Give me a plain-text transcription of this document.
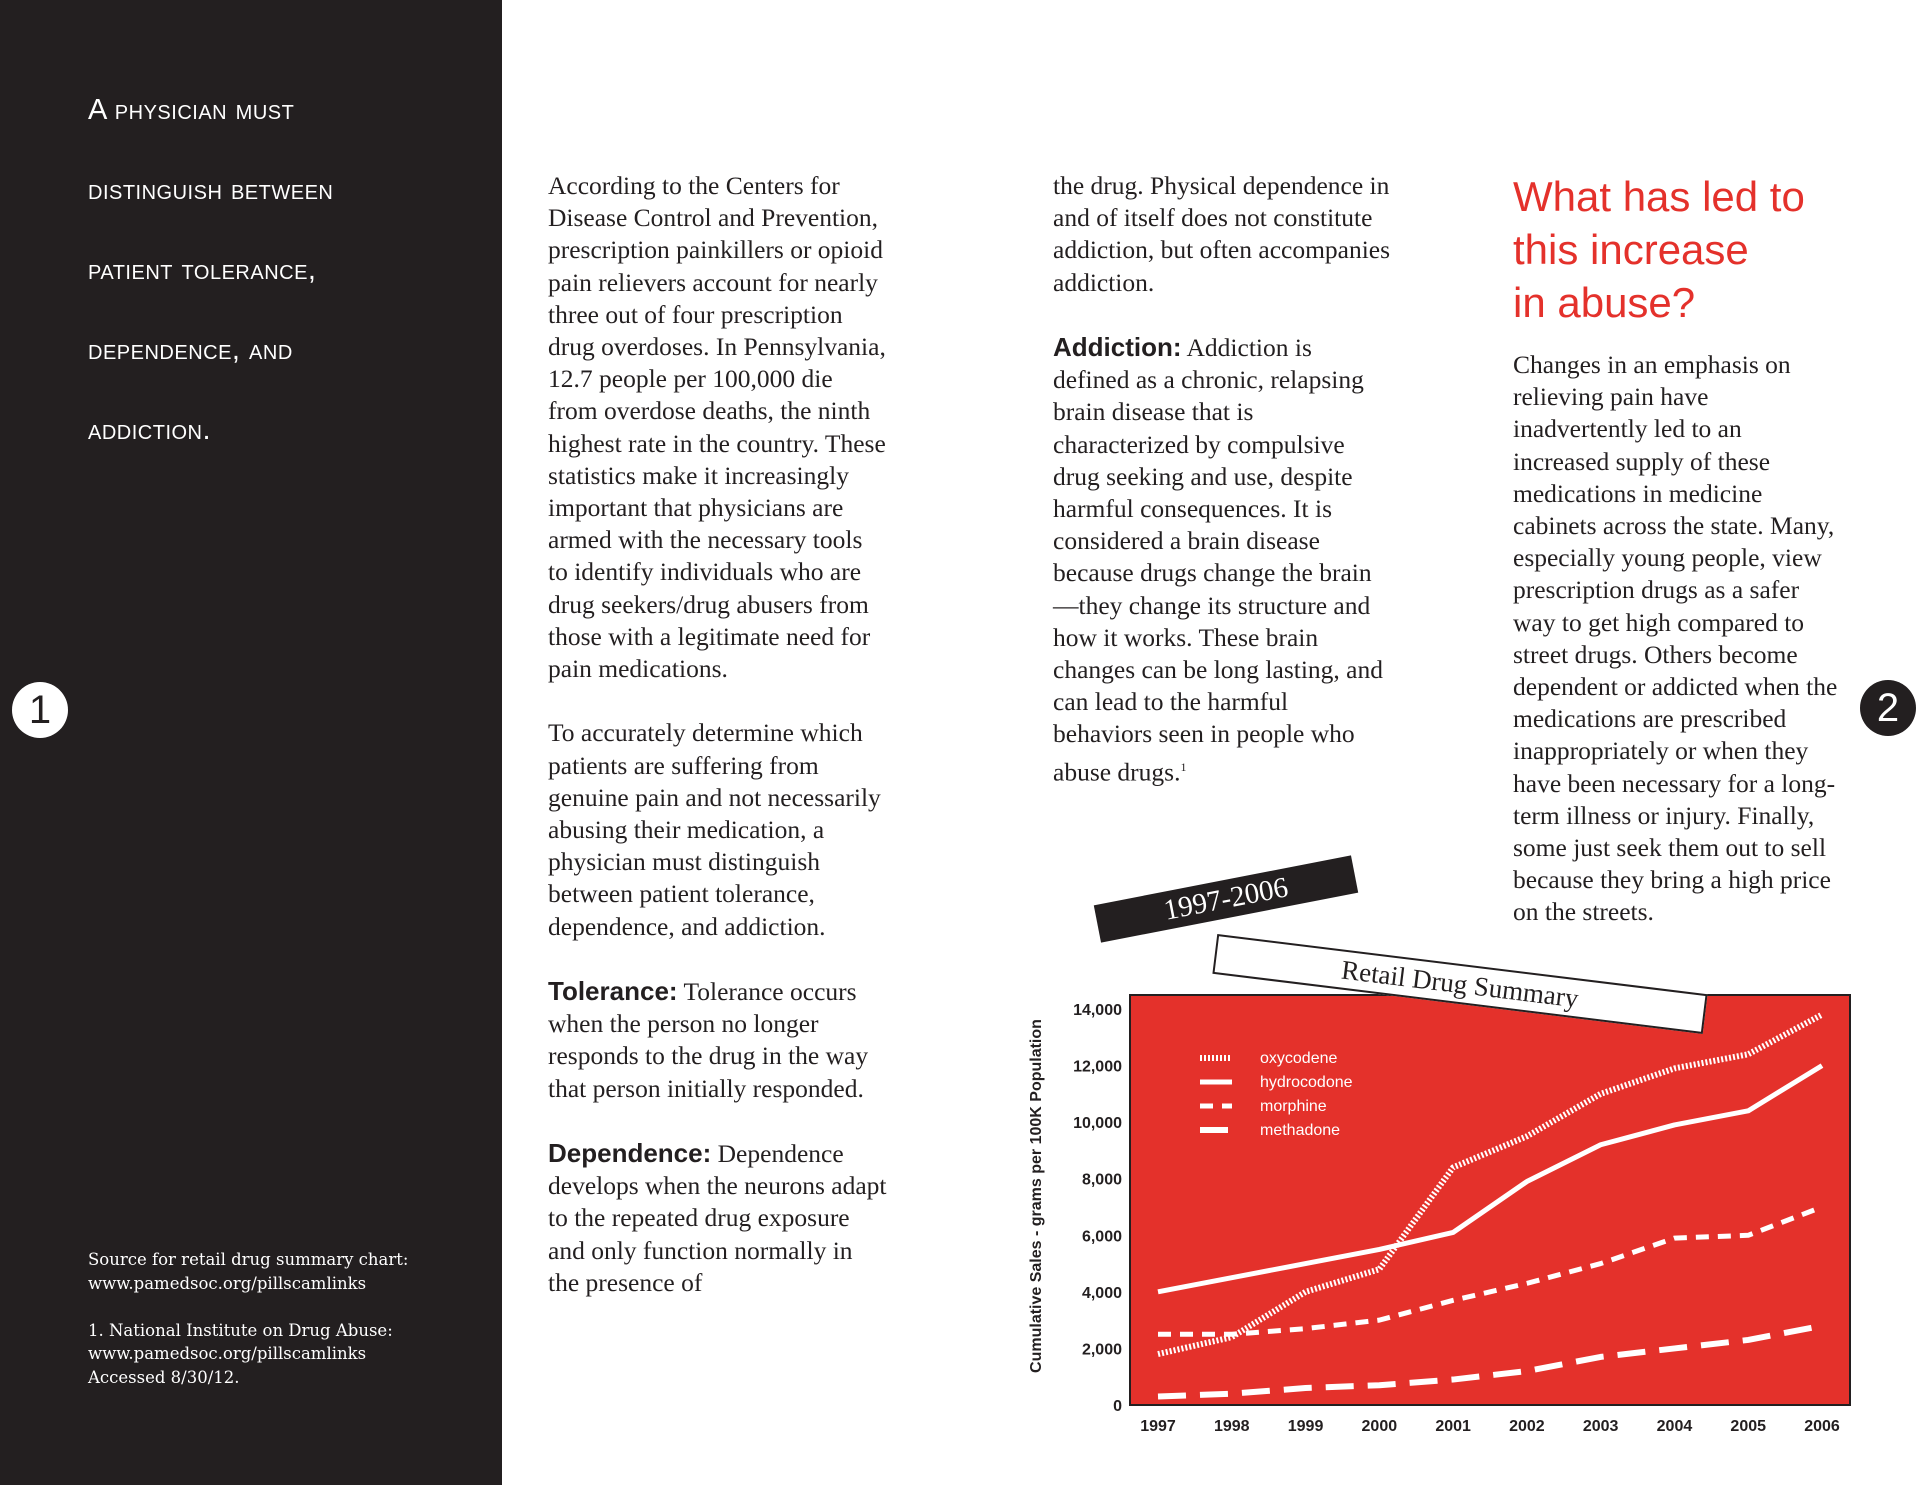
A physician must
distinguish between
patient tolerance,
dependence, and
addiction.

Source for retail drug summary chart:
www.pamedsoc.org/pillscamlinks

1. National Institute on Drug Abuse:
www.pamedsoc.org/pillscamlinks
Accessed 8/30/12.

1	2

According to the Centers for Disease Control and Prevention, prescription painkillers or opioid pain relievers account for nearly three out of four prescription drug overdoses. In Pennsylvania, 12.7 people per 100,000 die from overdose deaths, the ninth highest rate in the country. These statistics make it increasingly important that physicians are armed with the necessary tools to identify individuals who are drug seekers/drug abusers from those with a legitimate need for pain medications.

To accurately determine which patients are suffering from genuine pain and not necessarily abusing their medication, a physician must distinguish between patient tolerance, dependence, and addiction.

Tolerance: Tolerance occurs when the person no longer responds to the drug in the way that person initially responded.

Dependence: Dependence develops when the neurons adapt to the repeated drug exposure and only function normally in the presence of

the drug. Physical dependence in and of itself does not constitute addiction, but often accompanies addiction.

Addiction: Addiction is defined as a chronic, relapsing brain disease that is characterized by compulsive drug seeking and use, despite harmful consequences. It is considered a brain disease because drugs change the brain—they change its structure and how it works. These brain changes can be long lasting, and can lead to the harmful behaviors seen in people who abuse drugs.$^1$

What has led to
this increase
in abuse?

Changes in an emphasis on relieving pain have inadvertently led to an increased supply of these medications in medicine cabinets across the state. Many, especially young people, view prescription drugs as a safer way to get high compared to street drugs. Others become dependent or addicted when the medications are prescribed inappropriately or when they have been necessary for a long-term illness or injury. Finally, some just seek them out to sell because they bring a high price on the streets.

0
2,000
4,000
6,000
8,000
10,000
12,000
14,000
1997 1998 1999 2000 2001 2002 2003 2004 2005 2006
oxycodene
hydrocodone
morphine
methadone
Cumulative Sales - grams per 100K Population
1997-2006
Retail Drug Summary
